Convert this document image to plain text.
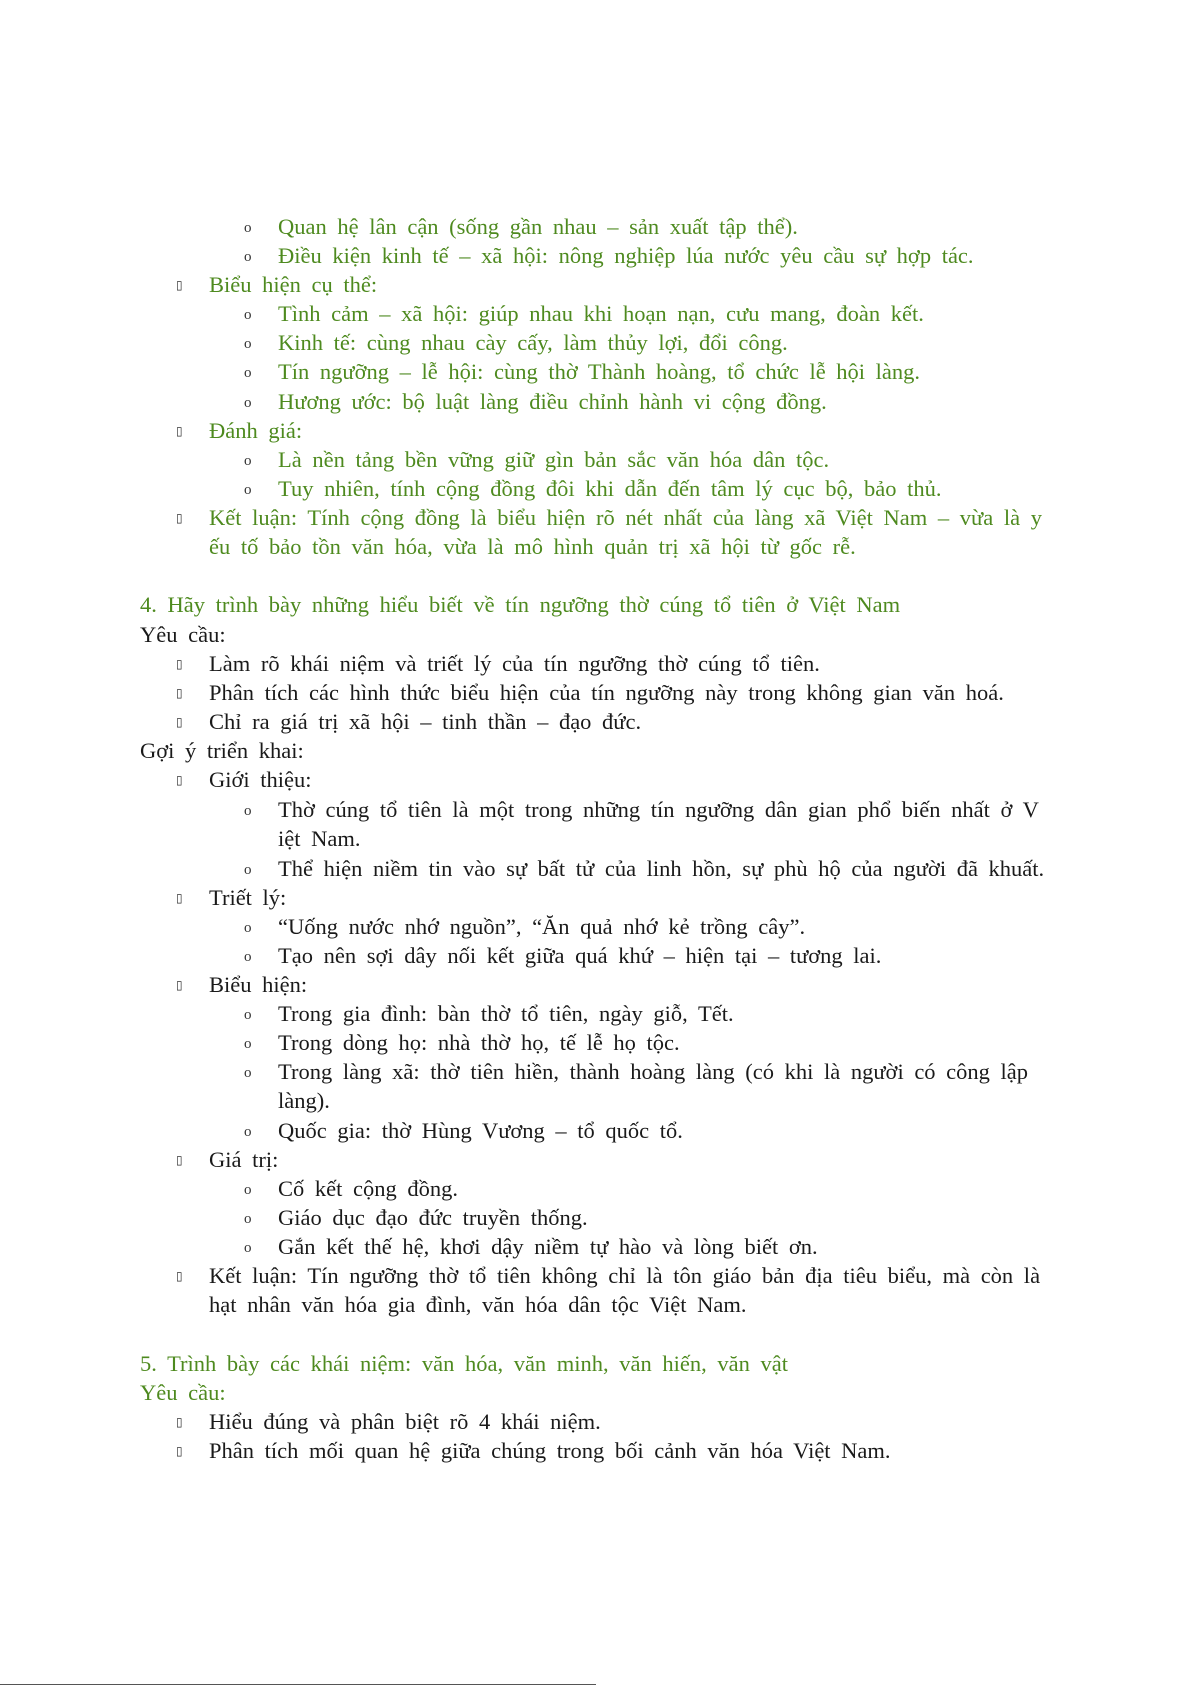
o Quan hệ lân cận (sống gần nhau – sản xuất tập thể).
o Điều kiện kinh tế – xã hội: nông nghiệp lúa nước yêu cầu sự hợp tác.
▯ Biểu hiện cụ thể:
o Tình cảm – xã hội: giúp nhau khi hoạn nạn, cưu mang, đoàn kết.
o Kinh tế: cùng nhau cày cấy, làm thủy lợi, đổi công.
o Tín ngưỡng – lễ hội: cùng thờ Thành hoàng, tổ chức lễ hội làng.
o Hương ước: bộ luật làng điều chỉnh hành vi cộng đồng.
▯ Đánh giá:
o Là nền tảng bền vững giữ gìn bản sắc văn hóa dân tộc.
o Tuy nhiên, tính cộng đồng đôi khi dẫn đến tâm lý cục bộ, bảo thủ.
▯ Kết luận: Tính cộng đồng là biểu hiện rõ nét nhất của làng xã Việt Nam – vừa là y
ếu tố bảo tồn văn hóa, vừa là mô hình quản trị xã hội từ gốc rễ.
4. Hãy trình bày những hiểu biết về tín ngưỡng thờ cúng tổ tiên ở Việt Nam
Yêu cầu:
▯ Làm rõ khái niệm và triết lý của tín ngưỡng thờ cúng tổ tiên.
▯ Phân tích các hình thức biểu hiện của tín ngưỡng này trong không gian văn hoá.
▯ Chỉ ra giá trị xã hội – tinh thần – đạo đức.
Gợi ý triển khai:
▯ Giới thiệu:
o Thờ cúng tổ tiên là một trong những tín ngưỡng dân gian phổ biến nhất ở V
iệt Nam.
o Thể hiện niềm tin vào sự bất tử của linh hồn, sự phù hộ của người đã khuất.
▯ Triết lý:
o “Uống nước nhớ nguồn”, “Ăn quả nhớ kẻ trồng cây”.
o Tạo nên sợi dây nối kết giữa quá khứ – hiện tại – tương lai.
▯ Biểu hiện:
o Trong gia đình: bàn thờ tổ tiên, ngày giỗ, Tết.
o Trong dòng họ: nhà thờ họ, tế lễ họ tộc.
o Trong làng xã: thờ tiên hiền, thành hoàng làng (có khi là người có công lập
làng).
o Quốc gia: thờ Hùng Vương – tổ quốc tổ.
▯ Giá trị:
o Cố kết cộng đồng.
o Giáo dục đạo đức truyền thống.
o Gắn kết thế hệ, khơi dậy niềm tự hào và lòng biết ơn.
▯ Kết luận: Tín ngưỡng thờ tổ tiên không chỉ là tôn giáo bản địa tiêu biểu, mà còn là
hạt nhân văn hóa gia đình, văn hóa dân tộc Việt Nam.
5. Trình bày các khái niệm: văn hóa, văn minh, văn hiến, văn vật
Yêu cầu:
▯ Hiểu đúng và phân biệt rõ 4 khái niệm.
▯ Phân tích mối quan hệ giữa chúng trong bối cảnh văn hóa Việt Nam.
